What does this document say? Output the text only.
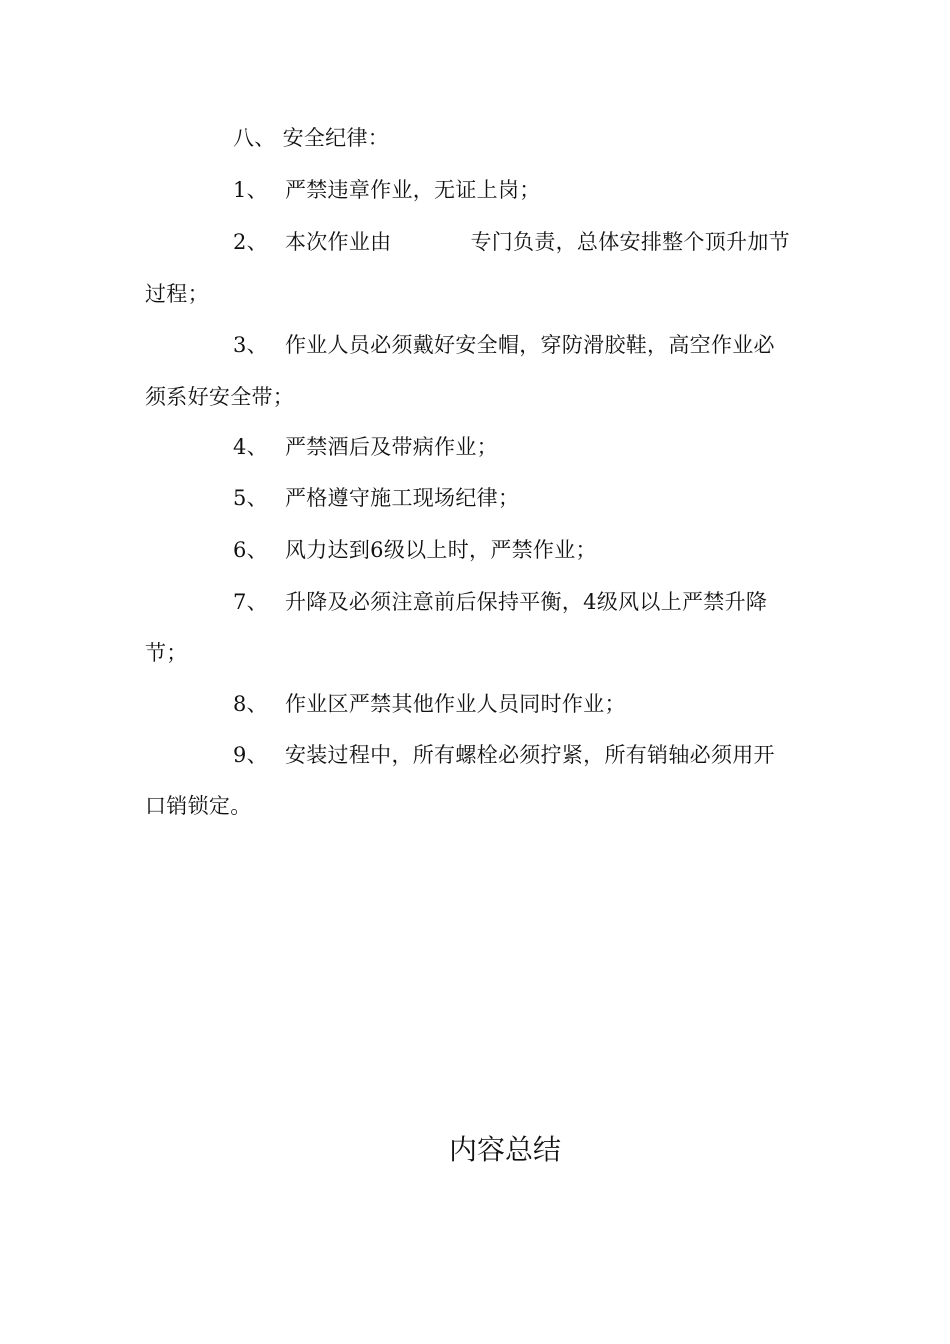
八、 安全纪律：
1、 严禁违章作业，无证上岗；
2、 本次作业由	专门负责，总体安排整个顶升加节
过程；
3、 作业人员必须戴好安全帽，穿防滑胶鞋，高空作业必
须系好安全带；
4、 严禁酒后及带病作业；
5、 严格遵守施工现场纪律；
6、 风力达到6级以上时，严禁作业；
7、 升降及必须注意前后保持平衡，4级风以上严禁升降
节；
8、 作业区严禁其他作业人员同时作业；
9、 安装过程中，所有螺栓必须拧紧，所有销轴必须用开
口销锁定。
内容总结
